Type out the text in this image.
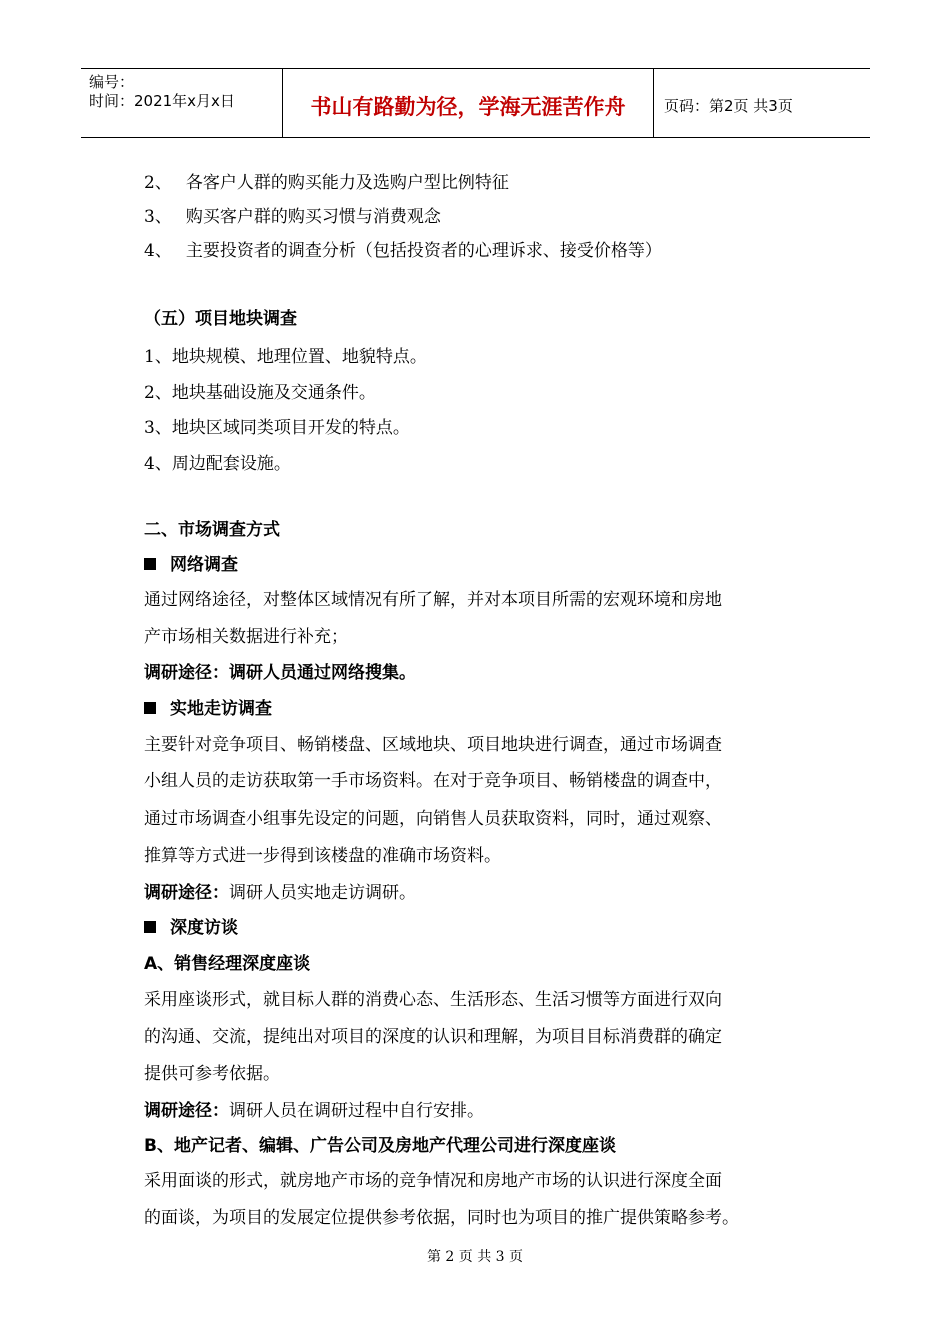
编号：
时间：2021年x月x日	书山有路勤为径，学海无涯苦作舟	页码：第2页 共3页
2、 各客户人群的购买能力及选购户型比例特征
3、 购买客户群的购买习惯与消费观念
4、 主要投资者的调查分析（包括投资者的心理诉求、接受价格等）
（五）项目地块调查
1、地块规模、地理位置、地貌特点。
2、地块基础设施及交通条件。
3、地块区域同类项目开发的特点。
4、周边配套设施。
二、市场调查方式
网络调查
通过网络途径，对整体区域情况有所了解，并对本项目所需的宏观环境和房地
产市场相关数据进行补充；
调研途径：调研人员通过网络搜集。
实地走访调查
主要针对竞争项目、畅销楼盘、区域地块、项目地块进行调查，通过市场调查
小组人员的走访获取第一手市场资料。在对于竞争项目、畅销楼盘的调查中，
通过市场调查小组事先设定的问题，向销售人员获取资料，同时，通过观察、
推算等方式进一步得到该楼盘的准确市场资料。
调研途径：调研人员实地走访调研。
深度访谈
A、销售经理深度座谈
采用座谈形式，就目标人群的消费心态、生活形态、生活习惯等方面进行双向
的沟通、交流，提纯出对项目的深度的认识和理解，为项目目标消费群的确定
提供可参考依据。
调研途径：调研人员在调研过程中自行安排。
B、地产记者、编辑、广告公司及房地产代理公司进行深度座谈
采用面谈的形式，就房地产市场的竞争情况和房地产市场的认识进行深度全面
的面谈，为项目的发展定位提供参考依据，同时也为项目的推广提供策略参考。
第 2 页 共 3 页
